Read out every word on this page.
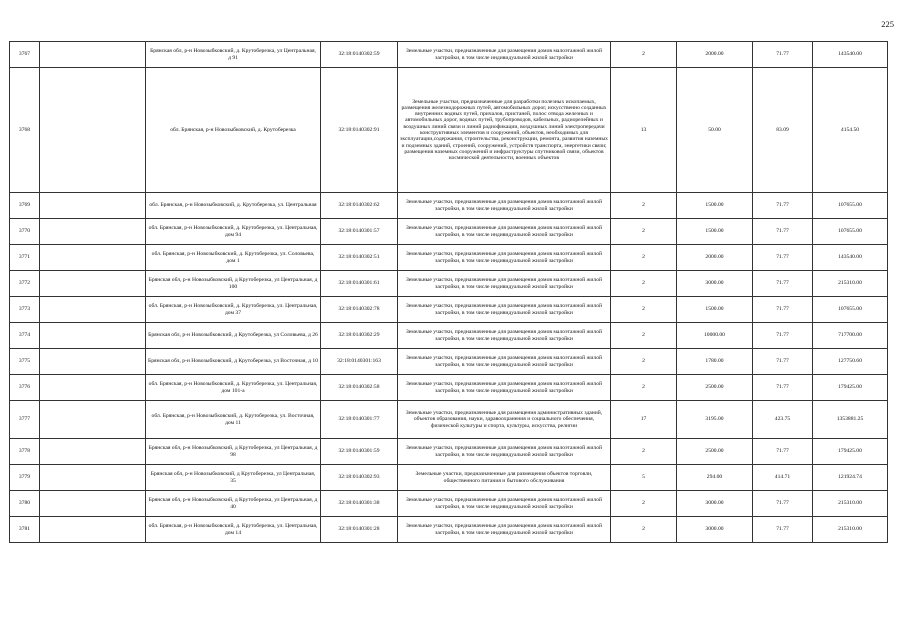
225
3767		Брянская обл, р-н Новозыбковский, д. Крутоберезка, ул Центральная, д 91	32:18:0140302:59	Земельные участки, предназначенные для размещения домов малоэтажной жилой застройки, в том числе индивидуальной жилой застройки	2	2000.00	71.77	143540.00
3768		обл. Брянская, р-н Новозыбковский, д. Крутоберезка	32:18:0140302:91	Земельные участки, предназначенные для разработки полезных ископаемых, размещения железнодорожных путей, автомобильных дорог, искусственно созданных внутренних водных путей, причалов, пристаней, полос отвода железных и автомобильных дорог, водных путей, трубопроводов, кабельных, радиорелейных и воздушных линий связи и линий радиофикации, воздушных линий электропередачи конструктивных элементов и сооружений, объектов, необходимых для эксплуатации,содержания, строительства, реконструкции, ремонта, развития наземных и подземных зданий, строений, сооружений, устройств транспорта, энергетики связи; размещения наземных сооружений и инфраструктуры спутниковой связи, объектов космической деятельности, военных объектов	13	50.00	83.09	4154.50
3769		обл. Брянская, р-н Новозыбковский, д. Крутоберезка, ул. Центральная	32:18:0140302:62	Земельные участки, предназначенные для размещения домов малоэтажной жилой застройки, в том числе индивидуальной жилой застройки	2	1500.00	71.77	107655.00
3770		обл. Брянская, р-н Новозыбковский, д. Крутоберезка, ул. Центральная, дом 94	32:18:0140301:57	Земельные участки, предназначенные для размещения домов малоэтажной жилой застройки, в том числе индивидуальной жилой застройки	2	1500.00	71.77	107655.00
3771		обл. Брянская, р-н Новозыбковский, д. Крутоберезка, ул. Соловьева, дом 1	32:18:0140302:51	Земельные участки, предназначенные для размещения домов малоэтажной жилой застройки, в том числе индивидуальной жилой застройки	2	2000.00	71.77	143540.00
3772		Брянская обл, р-н Новозыбковский, д Крутоберезка, ул Центральная, д 100	32:18:0140301:61	Земельные участки, предназначенные для размещения домов малоэтажной жилой застройки, в том числе индивидуальной жилой застройки	2	3000.00	71.77	215310.00
3773		обл. Брянская, р-н Новозыбковский, д. Крутоберезка, ул. Центральная, дом 37	32:18:0140302:78	Земельные участки, предназначенные для размещения домов малоэтажной жилой застройки, в том числе индивидуальной жилой застройки	2	1500.00	71.77	107655.00
3774		Брянская обл, р-н Новозыбковский, д Крутоберезка, ул Соловьева, д 26	32:18:0140302:29	Земельные участки, предназначенные для размещения домов малоэтажной жилой застройки, в том числе индивидуальной жилой застройки	2	10000.00	71.77	717700.00
3775		Брянская обл, р-н Новозыбковский, д Крутоберезка, ул Восточная, д 10	32:18:0140301:163	Земельные участки, предназначенные для размещения домов малоэтажной жилой застройки, в том числе индивидуальной жилой застройки	2	1780.00	71.77	127750.60
3776		обл. Брянская, р-н Новозыбковский, д. Крутоберезка, ул. Центральная, дом 101-а	32:18:0140302:58	Земельные участки, предназначенные для размещения домов малоэтажной жилой застройки, в том числе индивидуальной жилой застройки	2	2500.00	71.77	179425.00
3777		обл. Брянская, р-н Новозыбковский, д. Крутоберезка, ул. Восточная, дом 11	32:18:0140301:77	Земельные участки, предназначенные для размещения административных зданий, объектов образования, науки, здравоохранения и социального обеспечения, физической культуры и спорта, культуры, искусства, религии	17	3195.00	423.75	1353881.25
3778		Брянская обл, р-н Новозыбковский, д Крутоберезка, ул Центральная, д 98	32:18:0140301:59	Земельные участки, предназначенные для размещения домов малоэтажной жилой застройки, в том числе индивидуальной жилой застройки	2	2500.00	71.77	179425.00
3779		Брянская обл, р-н Новозыбковский, д Крутоберезка, ул Центральная, 35	32:18:0140302:93	Земельные участки, предназначенные для размещения объектов торговли, общественного питания и бытового обслуживания	5	294.00	414.71	121924.74
3780		Брянская обл, р-н Новозыбковский, д Крутоберезка, ул Центральная, д 40	32:18:0140301:38	Земельные участки, предназначенные для размещения домов малоэтажной жилой застройки, в том числе индивидуальной жилой застройки	2	3000.00	71.77	215310.00
3781		обл. Брянская, р-н Новозыбковский, д. Крутоберезка, ул. Центральная, дом 14	32:18:0140301:28	Земельные участки, предназначенные для размещения домов малоэтажной жилой застройки, в том числе индивидуальной жилой застройки	2	3000.00	71.77	215310.00
